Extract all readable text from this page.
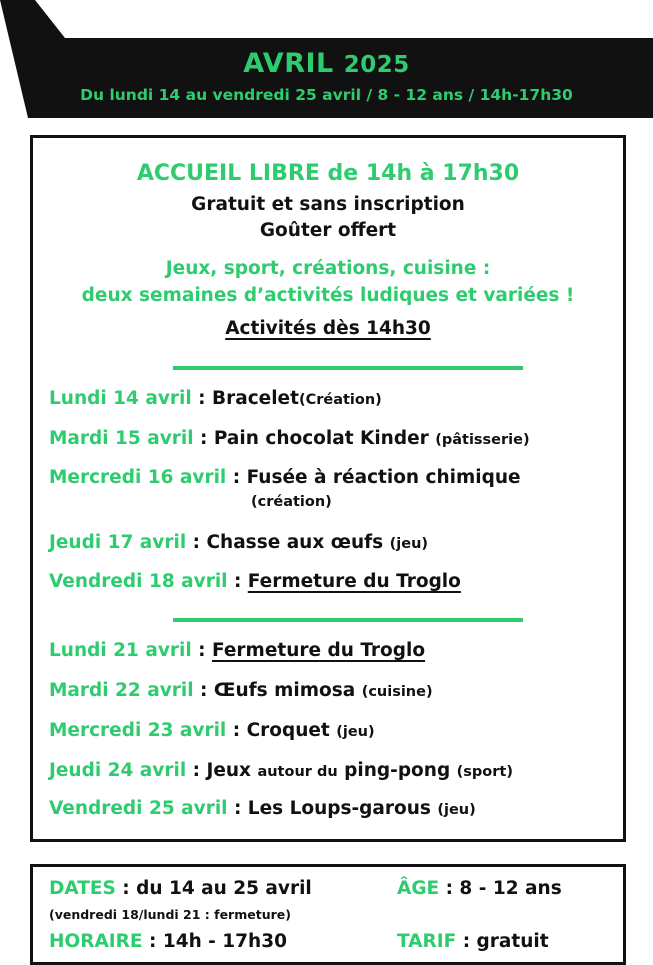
AVRIL 2025
Du lundi 14 au vendredi 25 avril / 8 - 12 ans / 14h-17h30
ACCUEIL LIBRE de 14h à 17h30
Gratuit et sans inscription
Goûter offert
Jeux, sport, créations, cuisine :
deux semaines d’activités ludiques et variées !
Activités dès 14h30
Lundi 14 avril : Bracelet(Création)
Mardi 15 avril : Pain chocolat Kinder (pâtisserie)
Mercredi 16 avril : Fusée à réaction chimique
(création)
Jeudi 17 avril : Chasse aux œufs (jeu)
Vendredi 18 avril : Fermeture du Troglo
Lundi 21 avril : Fermeture du Troglo
Mardi 22 avril : Œufs mimosa (cuisine)
Mercredi 23 avril : Croquet (jeu)
Jeudi 24 avril : Jeux autour du ping-pong (sport)
Vendredi 25 avril : Les Loups-garous (jeu)
DATES : du 14 au 25 avril
(vendredi 18/lundi 21 : fermeture)
HORAIRE : 14h - 17h30
ÂGE : 8 - 12 ans
TARIF : gratuit
